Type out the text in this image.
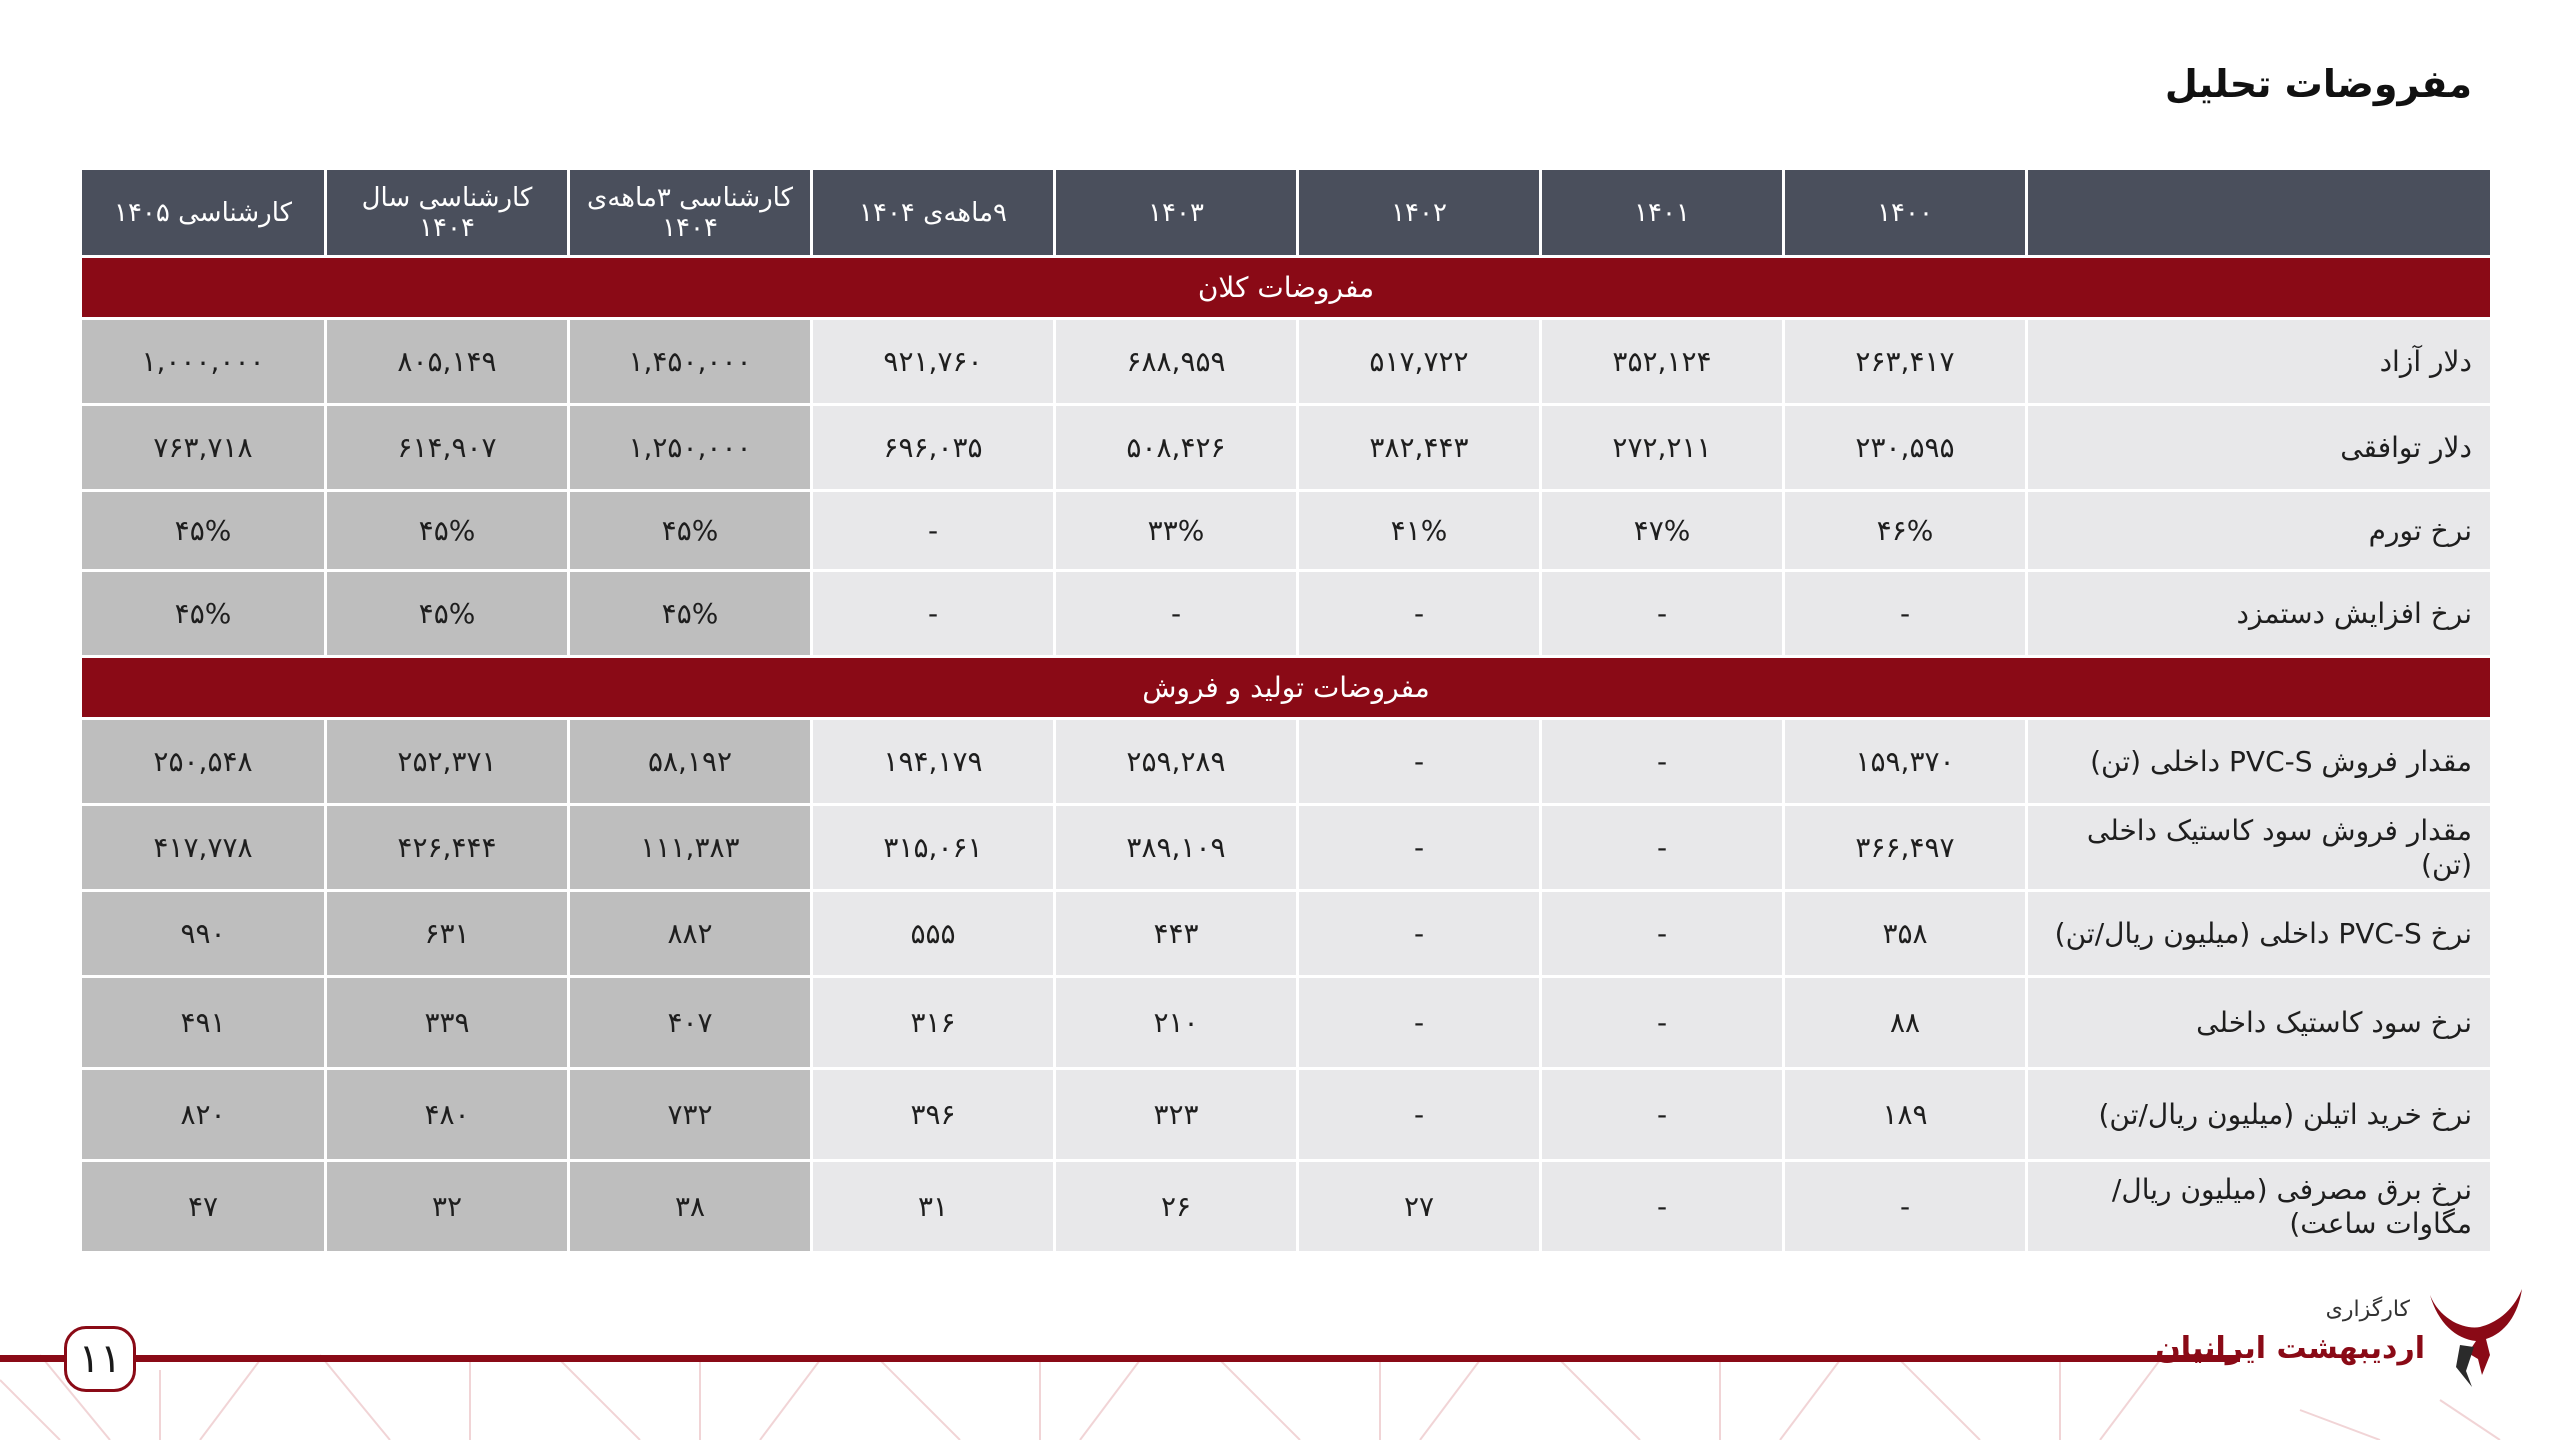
مفروضات تحلیل
	۱۴۰۰	۱۴۰۱	۱۴۰۲	۱۴۰۳	۹ماهه‌ی ۱۴۰۴	کارشناسی ۳ماهه‌ی ۱۴۰۴	کارشناسی سال ۱۴۰۴	کارشناسی ۱۴۰۵
مفروضات کلان								
دلار آزاد	۲۶۳,۴۱۷	۳۵۲,۱۲۴	۵۱۷,۷۲۲	۶۸۸,۹۵۹	۹۲۱,۷۶۰	۱,۴۵۰,۰۰۰	۸۰۵,۱۴۹	۱,۰۰۰,۰۰۰
دلار توافقی	۲۳۰,۵۹۵	۲۷۲,۲۱۱	۳۸۲,۴۴۳	۵۰۸,۴۲۶	۶۹۶,۰۳۵	۱,۲۵۰,۰۰۰	۶۱۴,۹۰۷	۷۶۳,۷۱۸
نرخ تورم	۴۶%	۴۷%	۴۱%	۳۳%	-	۴۵%	۴۵%	۴۵%
نرخ افزایش دستمزد	-	-	-	-	-	۴۵%	۴۵%	۴۵%
مفروضات تولید و فروش								
مقدار فروش PVC-S داخلی (تن)	۱۵۹,۳۷۰	-	-	۲۵۹,۲۸۹	۱۹۴,۱۷۹	۵۸,۱۹۲	۲۵۲,۳۷۱	۲۵۰,۵۴۸
مقدار فروش سود کاستیک داخلی (تن)	۳۶۶,۴۹۷	-	-	۳۸۹,۱۰۹	۳۱۵,۰۶۱	۱۱۱,۳۸۳	۴۲۶,۴۴۴	۴۱۷,۷۷۸
نرخ PVC-S داخلی (میلیون ریال/تن)	۳۵۸	-	-	۴۴۳	۵۵۵	۸۸۲	۶۳۱	۹۹۰
نرخ سود کاستیک داخلی	۸۸	-	-	۲۱۰	۳۱۶	۴۰۷	۳۳۹	۴۹۱
نرخ خرید اتیلن (میلیون ریال/تن)	۱۸۹	-	-	۳۲۳	۳۹۶	۷۳۲	۴۸۰	۸۲۰
نرخ برق مصرفی (میلیون ریال/مگاوات ساعت)	-	-	۲۷	۲۶	۳۱	۳۸	۳۲	۴۷
۱۱
کارگزاری
اردیبهشت ایرانیان
